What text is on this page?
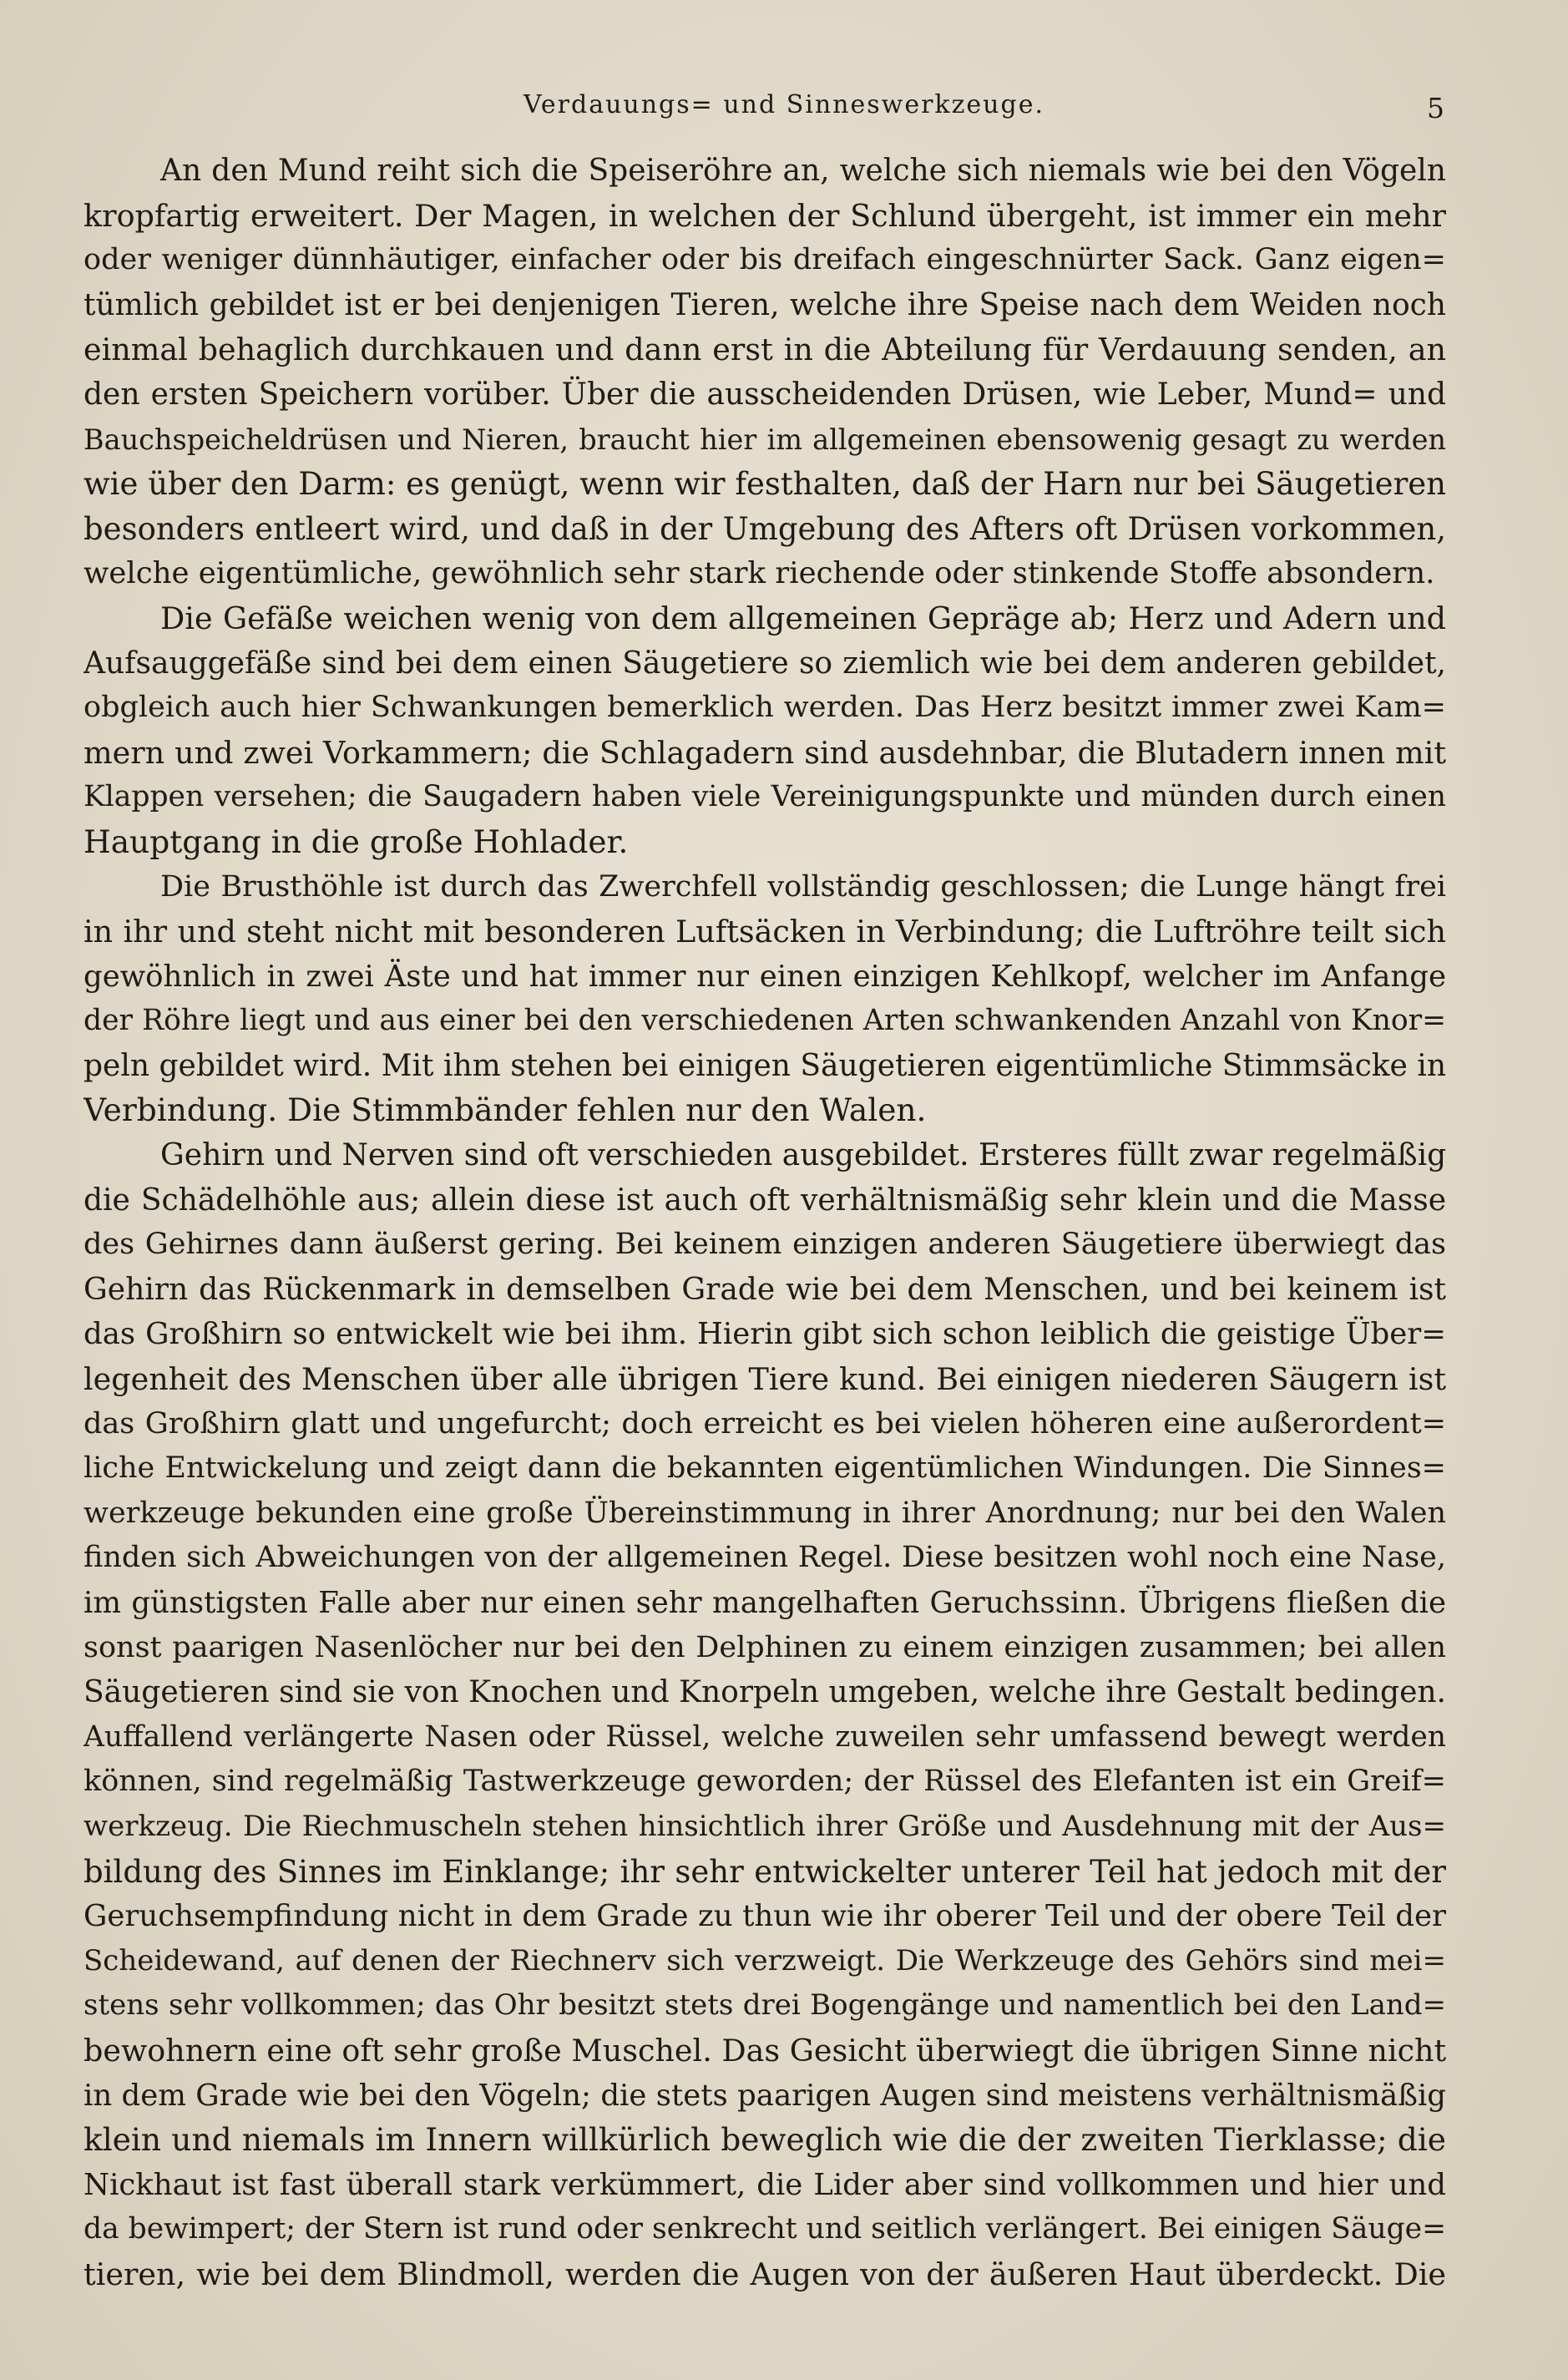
Verdauungs= und Sinneswerkzeuge.	5
An den Mund reiht sich die Speiseröhre an, welche sich niemals wie bei den Vögeln
kropfartig erweitert. Der Magen, in welchen der Schlund übergeht, ist immer ein mehr
oder weniger dünnhäutiger, einfacher oder bis dreifach eingeschnürter Sack. Ganz eigen=
tümlich gebildet ist er bei denjenigen Tieren, welche ihre Speise nach dem Weiden noch
einmal behaglich durchkauen und dann erst in die Abteilung für Verdauung senden, an
den ersten Speichern vorüber. Über die ausscheidenden Drüsen, wie Leber, Mund= und
Bauchspeicheldrüsen und Nieren, braucht hier im allgemeinen ebensowenig gesagt zu werden
wie über den Darm: es genügt, wenn wir festhalten, daß der Harn nur bei Säugetieren
besonders entleert wird, und daß in der Umgebung des Afters oft Drüsen vorkommen,
welche eigentümliche, gewöhnlich sehr stark riechende oder stinkende Stoffe absondern.
Die Gefäße weichen wenig von dem allgemeinen Gepräge ab; Herz und Adern und
Aufsauggefäße sind bei dem einen Säugetiere so ziemlich wie bei dem anderen gebildet,
obgleich auch hier Schwankungen bemerklich werden. Das Herz besitzt immer zwei Kam=
mern und zwei Vorkammern; die Schlagadern sind ausdehnbar, die Blutadern innen mit
Klappen versehen; die Saugadern haben viele Vereinigungspunkte und münden durch einen
Hauptgang in die große Hohlader.
Die Brusthöhle ist durch das Zwerchfell vollständig geschlossen; die Lunge hängt frei
in ihr und steht nicht mit besonderen Luftsäcken in Verbindung; die Luftröhre teilt sich
gewöhnlich in zwei Äste und hat immer nur einen einzigen Kehlkopf, welcher im Anfange
der Röhre liegt und aus einer bei den verschiedenen Arten schwankenden Anzahl von Knor=
peln gebildet wird. Mit ihm stehen bei einigen Säugetieren eigentümliche Stimmsäcke in
Verbindung. Die Stimmbänder fehlen nur den Walen.
Gehirn und Nerven sind oft verschieden ausgebildet. Ersteres füllt zwar regelmäßig
die Schädelhöhle aus; allein diese ist auch oft verhältnismäßig sehr klein und die Masse
des Gehirnes dann äußerst gering. Bei keinem einzigen anderen Säugetiere überwiegt das
Gehirn das Rückenmark in demselben Grade wie bei dem Menschen, und bei keinem ist
das Großhirn so entwickelt wie bei ihm. Hierin gibt sich schon leiblich die geistige Über=
legenheit des Menschen über alle übrigen Tiere kund. Bei einigen niederen Säugern ist
das Großhirn glatt und ungefurcht; doch erreicht es bei vielen höheren eine außerordent=
liche Entwickelung und zeigt dann die bekannten eigentümlichen Windungen. Die Sinnes=
werkzeuge bekunden eine große Übereinstimmung in ihrer Anordnung; nur bei den Walen
finden sich Abweichungen von der allgemeinen Regel. Diese besitzen wohl noch eine Nase,
im günstigsten Falle aber nur einen sehr mangelhaften Geruchssinn. Übrigens fließen die
sonst paarigen Nasenlöcher nur bei den Delphinen zu einem einzigen zusammen; bei allen
Säugetieren sind sie von Knochen und Knorpeln umgeben, welche ihre Gestalt bedingen.
Auffallend verlängerte Nasen oder Rüssel, welche zuweilen sehr umfassend bewegt werden
können, sind regelmäßig Tastwerkzeuge geworden; der Rüssel des Elefanten ist ein Greif=
werkzeug. Die Riechmuscheln stehen hinsichtlich ihrer Größe und Ausdehnung mit der Aus=
bildung des Sinnes im Einklange; ihr sehr entwickelter unterer Teil hat jedoch mit der
Geruchsempfindung nicht in dem Grade zu thun wie ihr oberer Teil und der obere Teil der
Scheidewand, auf denen der Riechnerv sich verzweigt. Die Werkzeuge des Gehörs sind mei=
stens sehr vollkommen; das Ohr besitzt stets drei Bogengänge und namentlich bei den Land=
bewohnern eine oft sehr große Muschel. Das Gesicht überwiegt die übrigen Sinne nicht
in dem Grade wie bei den Vögeln; die stets paarigen Augen sind meistens verhältnismäßig
klein und niemals im Innern willkürlich beweglich wie die der zweiten Tierklasse; die
Nickhaut ist fast überall stark verkümmert, die Lider aber sind vollkommen und hier und
da bewimpert; der Stern ist rund oder senkrecht und seitlich verlängert. Bei einigen Säuge=
tieren, wie bei dem Blindmoll, werden die Augen von der äußeren Haut überdeckt. Die
